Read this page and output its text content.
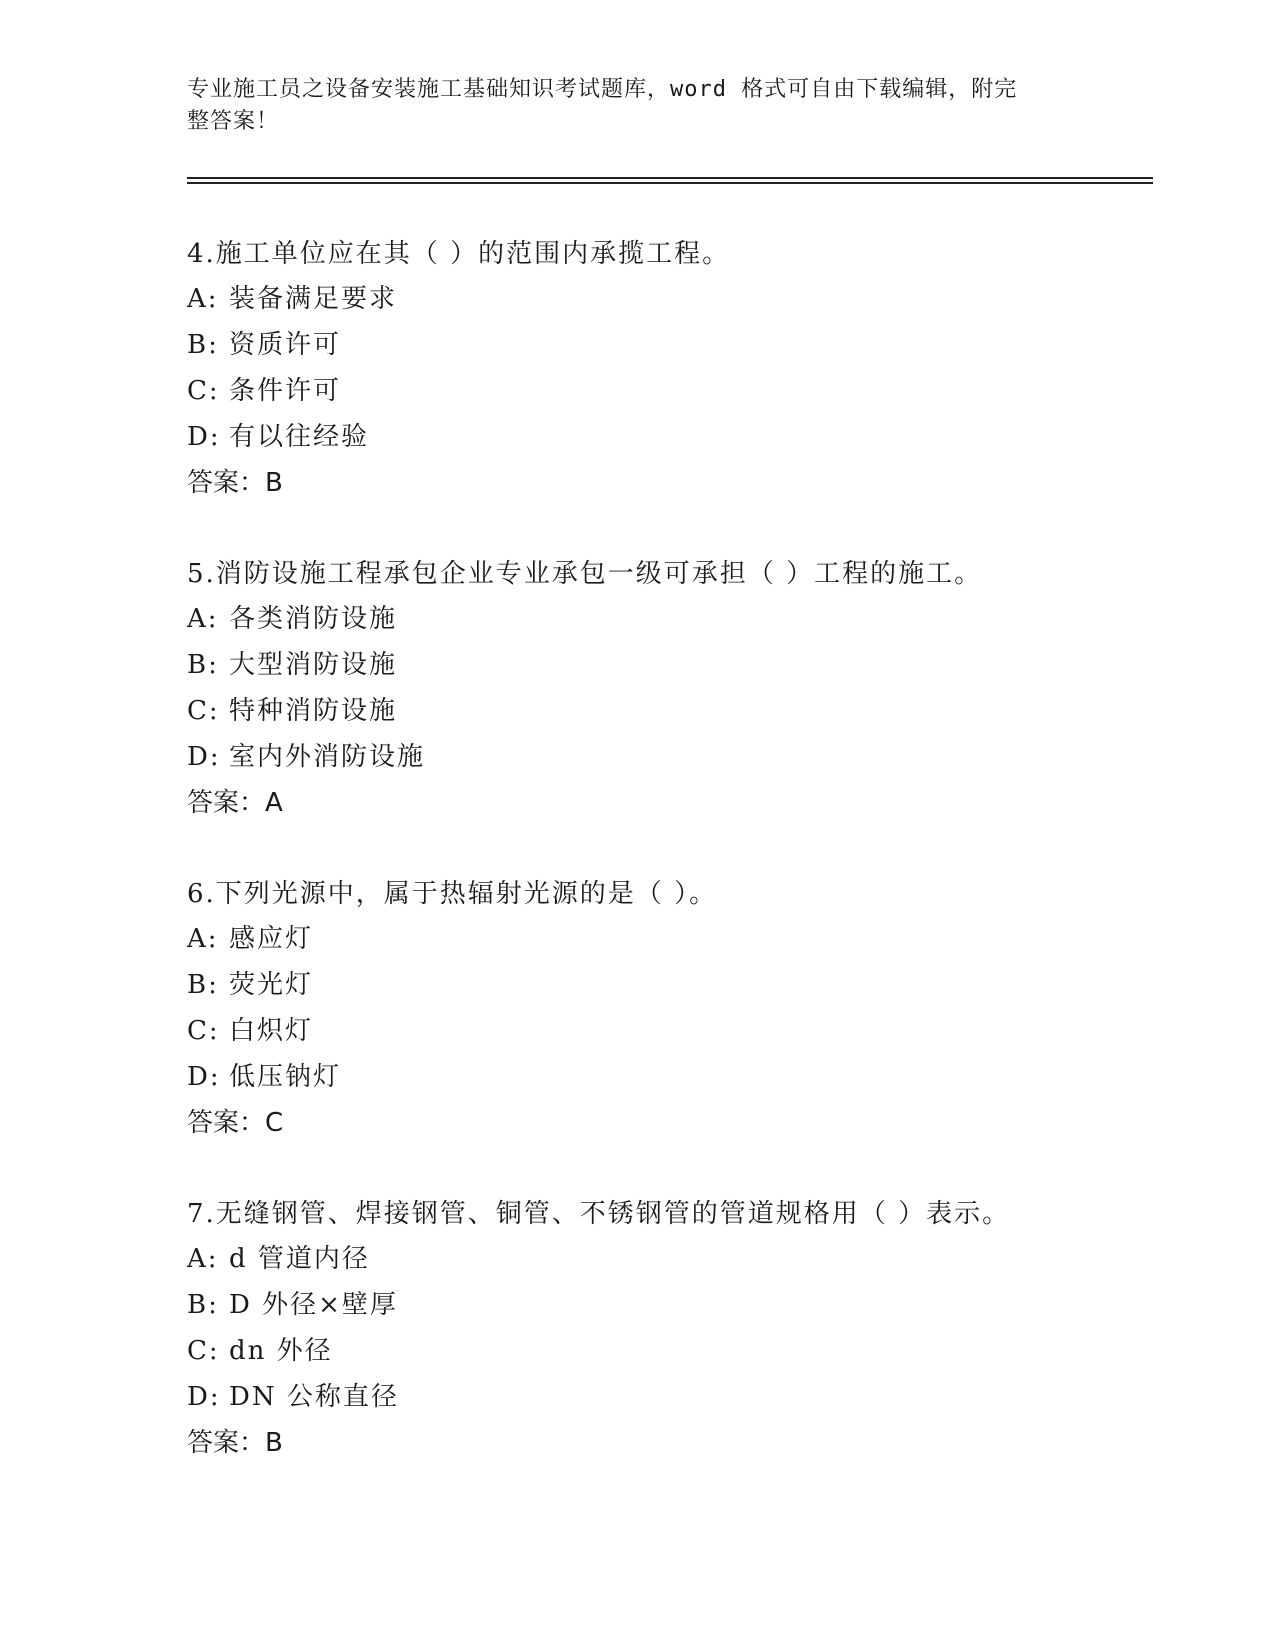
专业施工员之设备安装施工基础知识考试题库，word 格式可自由下载编辑，附完
整答案！
4.施工单位应在其（ ）的范围内承揽工程。
A: 装备满足要求
B: 资质许可
C: 条件许可
D: 有以往经验
答案：B
5.消防设施工程承包企业专业承包一级可承担（ ）工程的施工。
A: 各类消防设施
B: 大型消防设施
C: 特种消防设施
D: 室内外消防设施
答案：A
6.下列光源中，属于热辐射光源的是（ ）。
A: 感应灯
B: 荧光灯
C: 白炽灯
D: 低压钠灯
答案：C
7.无缝钢管、焊接钢管、铜管、不锈钢管的管道规格用（ ）表示。
A: d 管道内径
B: D 外径×壁厚
C: dn 外径
D: DN 公称直径
答案：B
